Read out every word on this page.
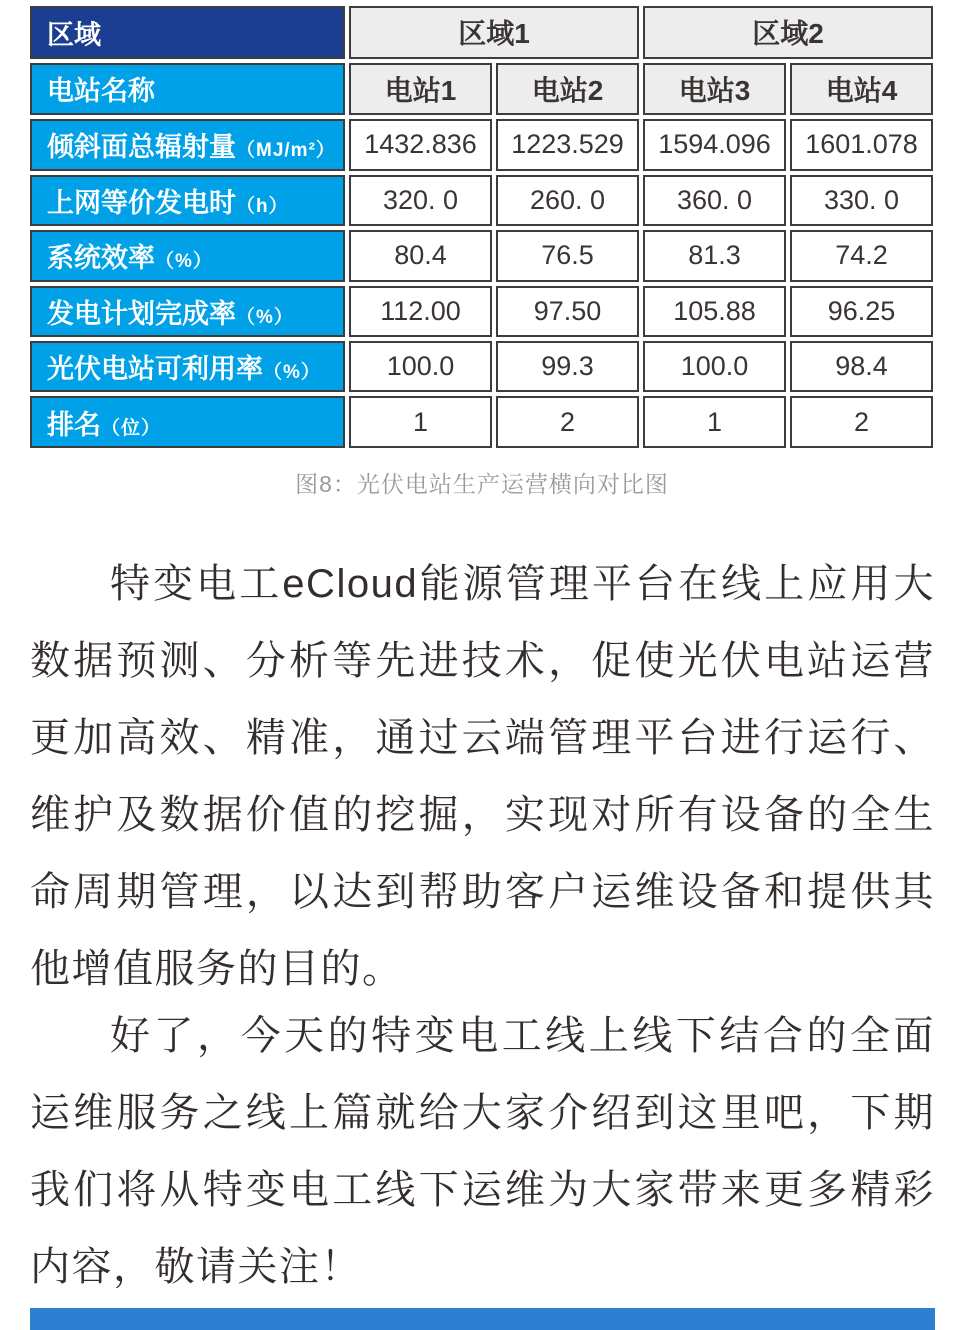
区域	区域1		区域2	
电站名称	电站1	电站2	电站3	电站4
倾斜面总辐射量（MJ/m²）	1432.836	1223.529	1594.096	1601.078
上网等价发电时（h）	320. 0	260. 0	360. 0	330. 0
系统效率（%）	80.4	76.5	81.3	74.2
发电计划完成率（%）	112.00	97.50	105.88	96.25
光伏电站可利用率（%）	100.0	99.3	100.0	98.4
排名（位）	1	2	1	2
图8：光伏电站生产运营横向对比图

特变电工eCloud能源管理平台在线上应用大数据预测、分析等先进技术，促使光伏电站运营更加高效、精准，通过云端管理平台进行运行、维护及数据价值的挖掘，实现对所有设备的全生命周期管理，以达到帮助客户运维设备和提供其他增值服务的目的。

好了，今天的特变电工线上线下结合的全面运维服务之线上篇就给大家介绍到这里吧，下期我们将从特变电工线下运维为大家带来更多精彩内容，敬请关注！
